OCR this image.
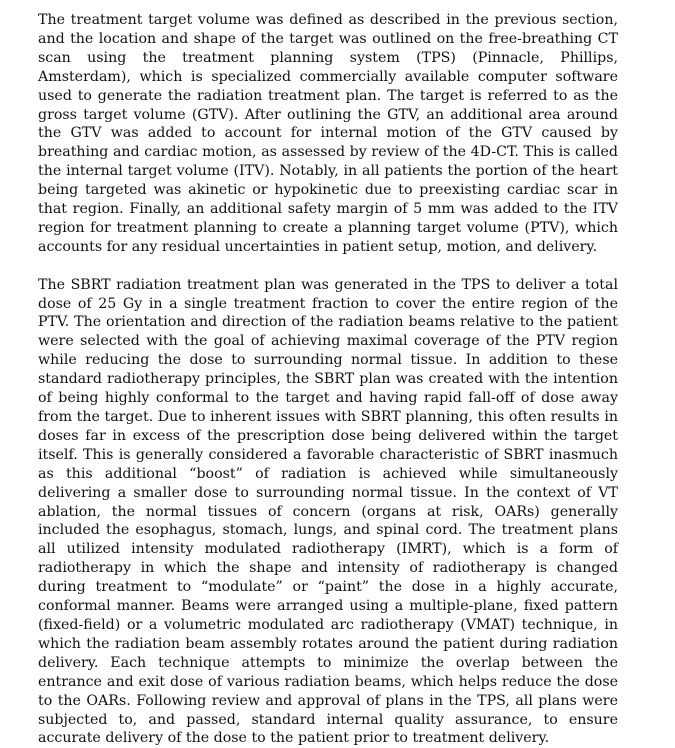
The treatment target volume was defined as described in the previous section, and the location and shape of the target was outlined on the free-breathing CT scan using the treatment planning system (TPS) (Pinnacle, Phillips, Amsterdam), which is specialized commercially available computer software used to generate the radiation treatment plan. The target is referred to as the gross target volume (GTV). After outlining the GTV, an additional area around the GTV was added to account for internal motion of the GTV caused by breathing and cardiac motion, as assessed by review of the 4D-CT. This is called the internal target volume (ITV). Notably, in all patients the portion of the heart being targeted was akinetic or hypokinetic due to preexisting cardiac scar in that region. Finally, an additional safety margin of 5 mm was added to the ITV region for treatment planning to create a planning target volume (PTV), which accounts for any residual uncertainties in patient setup, motion, and delivery.

The SBRT radiation treatment plan was generated in the TPS to deliver a total dose of 25 Gy in a single treatment fraction to cover the entire region of the PTV. The orientation and direction of the radiation beams relative to the patient were selected with the goal of achieving maximal coverage of the PTV region while reducing the dose to surrounding normal tissue. In addition to these standard radiotherapy principles, the SBRT plan was created with the intention of being highly conformal to the target and having rapid fall-off of dose away from the target. Due to inherent issues with SBRT planning, this often results in doses far in excess of the prescription dose being delivered within the target itself. This is generally considered a favorable characteristic of SBRT inasmuch as this additional “boost” of radiation is achieved while simultaneously delivering a smaller dose to surrounding normal tissue. In the context of VT ablation, the normal tissues of concern (organs at risk, OARs) generally included the esophagus, stomach, lungs, and spinal cord. The treatment plans all utilized intensity modulated radiotherapy (IMRT), which is a form of radiotherapy in which the shape and intensity of radiotherapy is changed during treatment to “modulate” or “paint” the dose in a highly accurate, conformal manner. Beams were arranged using a multiple-plane, fixed pattern (fixed-field) or a volumetric modulated arc radiotherapy (VMAT) technique, in which the radiation beam assembly rotates around the patient during radiation delivery. Each technique attempts to minimize the overlap between the entrance and exit dose of various radiation beams, which helps reduce the dose to the OARs. Following review and approval of plans in the TPS, all plans were subjected to, and passed, standard internal quality assurance, to ensure accurate delivery of the dose to the patient prior to treatment delivery.
